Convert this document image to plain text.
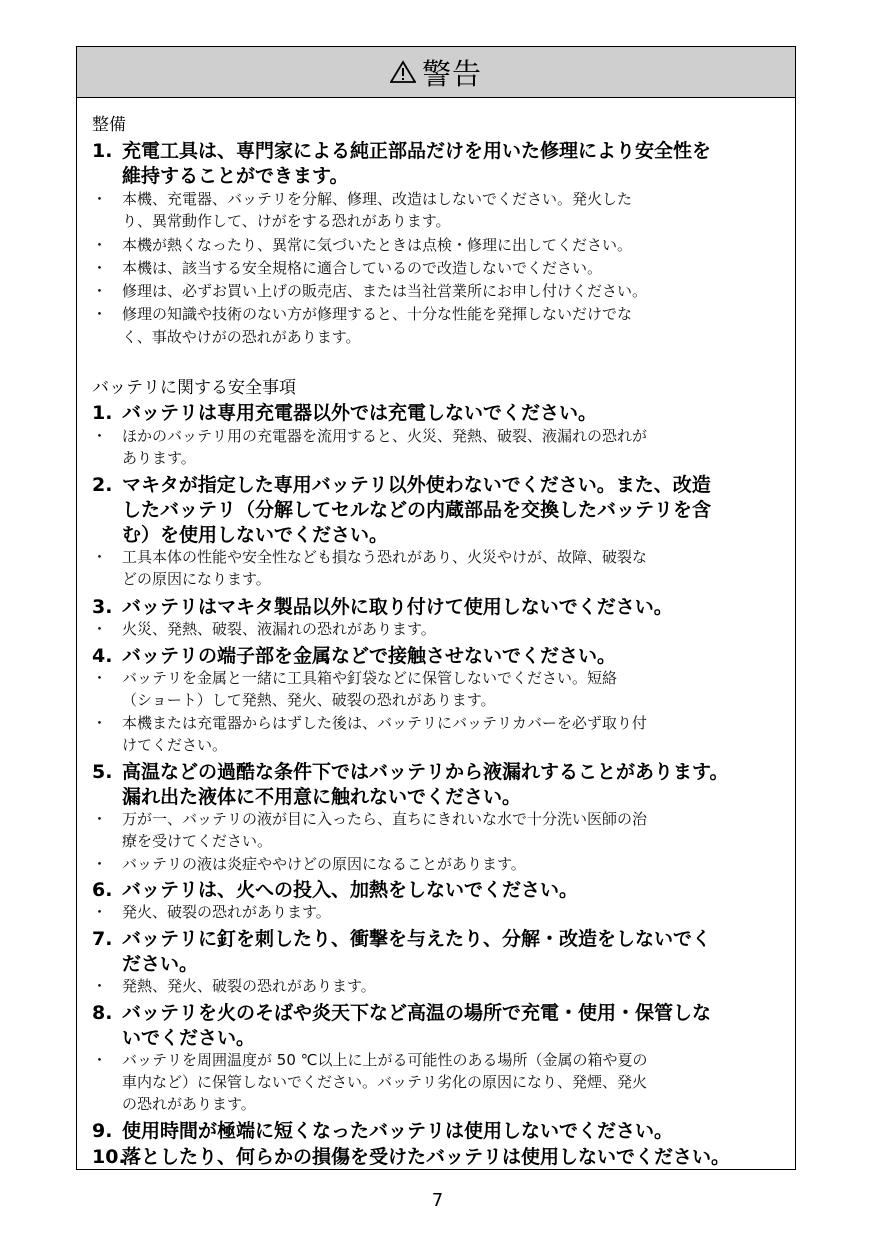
警告
整備
1. 充電工具は、専門家による純正部品だけを用いた修理により安全性を
維持することができます。
・ 本機、充電器、バッテリを分解、修理、改造はしないでください。発火した
り、異常動作して、けがをする恐れがあります。
・ 本機が熱くなったり、異常に気づいたときは点検・修理に出してください。
・ 本機は、該当する安全規格に適合しているので改造しないでください。
・ 修理は、必ずお買い上げの販売店、または当社営業所にお申し付けください。
・ 修理の知識や技術のない方が修理すると、十分な性能を発揮しないだけでな
く、事故やけがの恐れがあります。
バッテリに関する安全事項
1. バッテリは専用充電器以外では充電しないでください。
・ ほかのバッテリ用の充電器を流用すると、火災、発熱、破裂、液漏れの恐れが
あります。
2. マキタが指定した専用バッテリ以外使わないでください。また、改造
したバッテリ（分解してセルなどの内蔵部品を交換したバッテリを含
む）を使用しないでください。
・ 工具本体の性能や安全性なども損なう恐れがあり、火災やけが、故障、破裂な
どの原因になります。
3. バッテリはマキタ製品以外に取り付けて使用しないでください。
・ 火災、発熱、破裂、液漏れの恐れがあります。
4. バッテリの端子部を金属などで接触させないでください。
・ バッテリを金属と一緒に工具箱や釘袋などに保管しないでください。短絡
（ショート）して発熱、発火、破裂の恐れがあります。
・ 本機または充電器からはずした後は、バッテリにバッテリカバーを必ず取り付
けてください。
5. 高温などの過酷な条件下ではバッテリから液漏れすることがあります。
漏れ出た液体に不用意に触れないでください。
・ 万が一、バッテリの液が目に入ったら、直ちにきれいな水で十分洗い医師の治
療を受けてください。
・ バッテリの液は炎症ややけどの原因になることがあります。
6. バッテリは、火への投入、加熱をしないでください。
・ 発火、破裂の恐れがあります。
7. バッテリに釘を刺したり、衝撃を与えたり、分解・改造をしないでく
ださい。
・ 発熱、発火、破裂の恐れがあります。
8. バッテリを火のそばや炎天下など高温の場所で充電・使用・保管しな
いでください。
・ バッテリを周囲温度が 50 ℃以上に上がる可能性のある場所（金属の箱や夏の
車内など）に保管しないでください。バッテリ劣化の原因になり、発煙、発火
の恐れがあります。
9. 使用時間が極端に短くなったバッテリは使用しないでください。
10.落としたり、何らかの損傷を受けたバッテリは使用しないでください。
7
